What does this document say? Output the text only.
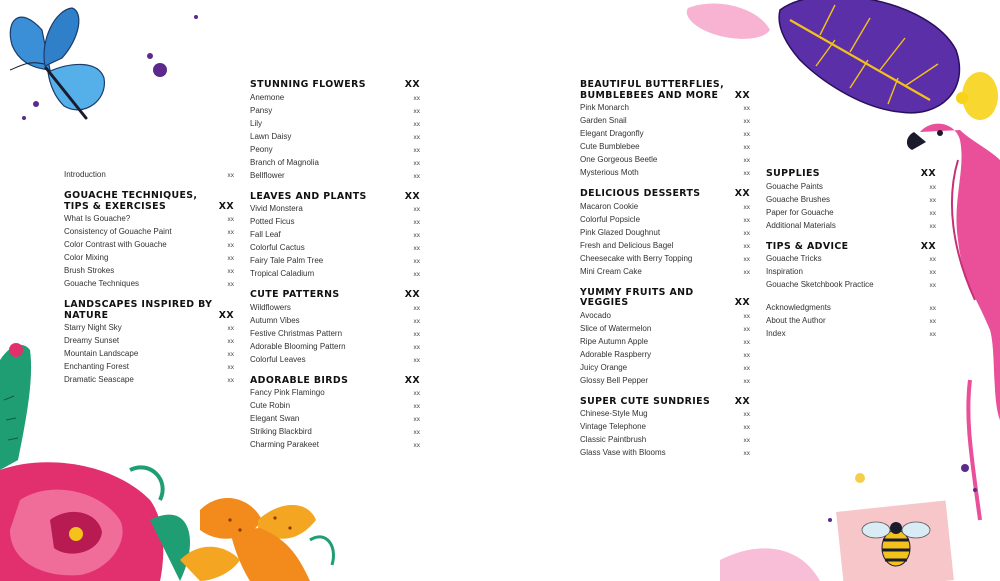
Introduction	xx
GOUACHE TECHNIQUES, TIPS & EXERCISES	XX
What Is Gouache?	xx
Consistency of Gouache Paint	xx
Color Contrast with Gouache	xx
Color Mixing	xx
Brush Strokes	xx
Gouache Techniques	xx
LANDSCAPES INSPIRED BY NATURE	XX
Starry Night Sky	xx
Dreamy Sunset	xx
Mountain Landscape	xx
Enchanting Forest	xx
Dramatic Seascape	xx
STUNNING FLOWERS	XX
Anemone	xx
Pansy	xx
Lily	xx
Lawn Daisy	xx
Peony	xx
Branch of Magnolia	xx
Bellflower	xx
LEAVES AND PLANTS	XX
Vivid Monstera	xx
Potted Ficus	xx
Fall Leaf	xx
Colorful Cactus	xx
Fairy Tale Palm Tree	xx
Tropical Caladium	xx
CUTE PATTERNS	XX
Wildflowers	xx
Autumn Vibes	xx
Festive Christmas Pattern	xx
Adorable Blooming Pattern	xx
Colorful Leaves	xx
ADORABLE BIRDS	XX
Fancy Pink Flamingo	xx
Cute Robin	xx
Elegant Swan	xx
Striking Blackbird	xx
Charming Parakeet	xx
BEAUTIFUL BUTTERFLIES, BUMBLEBEES AND MORE	XX
Pink Monarch	xx
Garden Snail	xx
Elegant Dragonfly	xx
Cute Bumblebee	xx
One Gorgeous Beetle	xx
Mysterious Moth	xx
DELICIOUS DESSERTS	XX
Macaron Cookie	xx
Colorful Popsicle	xx
Pink Glazed Doughnut	xx
Fresh and Delicious Bagel	xx
Cheesecake with Berry Topping	xx
Mini Cream Cake	xx
YUMMY FRUITS AND VEGGIES	XX
Avocado	xx
Slice of Watermelon	xx
Ripe Autumn Apple	xx
Adorable Raspberry	xx
Juicy Orange	xx
Glossy Bell Pepper	xx
SUPER CUTE SUNDRIES	XX
Chinese-Style Mug	xx
Vintage Telephone	xx
Classic Paintbrush	xx
Glass Vase with Blooms	xx
SUPPLIES	XX
Gouache Paints	xx
Gouache Brushes	xx
Paper for Gouache	xx
Additional Materials	xx
TIPS & ADVICE	XX
Gouache Tricks	xx
Inspiration	xx
Gouache Sketchbook Practice	xx
Acknowledgments	xx
About the Author	xx
Index	xx
